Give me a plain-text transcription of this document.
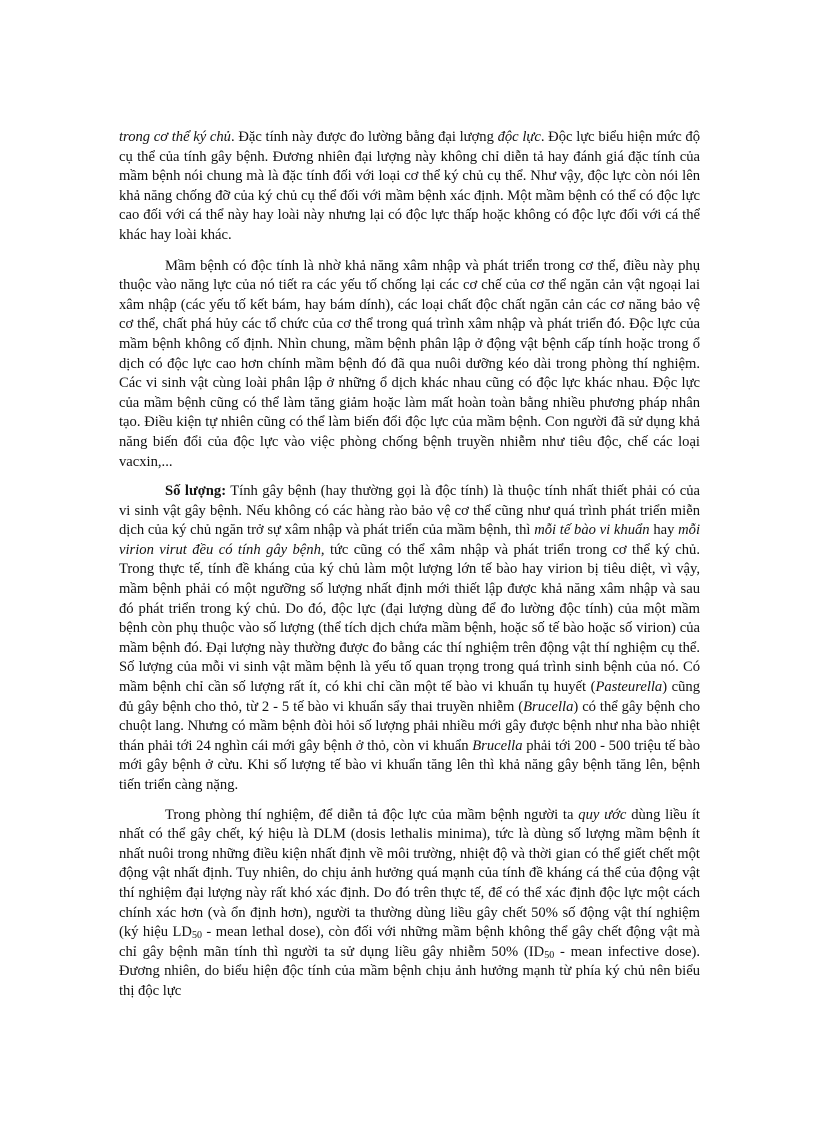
trong cơ thể ký chủ. Đặc tính này được đo lường bằng đại lượng độc lực. Độc lực biểu hiện mức độ cụ thể của tính gây bệnh. Đương nhiên đại lượng này không chỉ diễn tả hay đánh giá đặc tính của mầm bệnh nói chung mà là đặc tính đối với loại cơ thể ký chủ cụ thể. Như vậy, độc lực còn nói lên khả năng chống đỡ của ký chủ cụ thể đối với mầm bệnh xác định. Một mầm bệnh có thể có độc lực cao đối với cá thể này hay loài này nhưng lại có độc lực thấp hoặc không có độc lực đối với cá thể khác hay loài khác.

Mầm bệnh có độc tính là nhờ khả năng xâm nhập và phát triển trong cơ thể, điều này phụ thuộc vào năng lực của nó tiết ra các yếu tố chống lại các cơ chế của cơ thể ngăn cản vật ngoại lai xâm nhập (các yếu tố kết bám, hay bám dính), các loại chất độc chất ngăn cản các cơ năng bảo vệ cơ thể, chất phá hủy các tổ chức của cơ thể trong quá trình xâm nhập và phát triển đó. Độc lực của mầm bệnh không cố định. Nhìn chung, mầm bệnh phân lập ở động vật bệnh cấp tính hoặc trong ổ dịch có độc lực cao hơn chính mầm bệnh đó đã qua nuôi dưỡng kéo dài trong phòng thí nghiệm. Các vi sinh vật cùng loài phân lập ở những ổ dịch khác nhau cũng có độc lực khác nhau. Độc lực của mầm bệnh cũng có thể làm tăng giảm hoặc làm mất hoàn toàn bằng nhiều phương pháp nhân tạo. Điều kiện tự nhiên cũng có thể làm biến đổi độc lực của mầm bệnh. Con người đã sử dụng khả năng biến đổi của độc lực vào việc phòng chống bệnh truyền nhiễm như tiêu độc, chế các loại vacxin,...

Số lượng: Tính gây bệnh (hay thường gọi là độc tính) là thuộc tính nhất thiết phải có của vi sinh vật gây bệnh. Nếu không có các hàng rào bảo vệ cơ thể cũng như quá trình phát triển miễn dịch của ký chủ ngăn trở sự xâm nhập và phát triển của mầm bệnh, thì mỗi tế bào vi khuẩn hay mỗi virion virut đều có tính gây bệnh, tức cũng có thể xâm nhập và phát triển trong cơ thể ký chủ. Trong thực tế, tính đề kháng của ký chủ làm một lượng lớn tế bào hay virion bị tiêu diệt, vì vậy, mầm bệnh phải có một ngưỡng số lượng nhất định mới thiết lập được khả năng xâm nhập và sau đó phát triển trong ký chủ. Do đó, độc lực (đại lượng dùng để đo lường độc tính) của một mầm bệnh còn phụ thuộc vào số lượng (thể tích dịch chứa mầm bệnh, hoặc số tế bào hoặc số virion) của mầm bệnh đó. Đại lượng này thường được đo bằng các thí nghiệm trên động vật thí nghiệm cụ thể. Số lượng của mỗi vi sinh vật mầm bệnh là yếu tố quan trọng trong quá trình sinh bệnh của nó. Có mầm bệnh chỉ cần số lượng rất ít, có khi chỉ cần một tế bào vi khuẩn tụ huyết (Pasteurella) cũng đủ gây bệnh cho thỏ, từ 2 - 5 tế bào vi khuẩn sẩy thai truyền nhiễm (Brucella) có thể gây bệnh cho chuột lang. Nhưng có mầm bệnh đòi hỏi số lượng phải nhiều mới gây được bệnh như nha bào nhiệt thán phải tới 24 nghìn cái mới gây bệnh ở thỏ, còn vi khuẩn Brucella phải tới 200 - 500 triệu tế bào mới gây bệnh ở cừu. Khi số lượng tế bào vi khuẩn tăng lên thì khả năng gây bệnh tăng lên, bệnh tiến triển càng nặng.

Trong phòng thí nghiệm, để diễn tả độc lực của mầm bệnh người ta quy ước dùng liều ít nhất có thể gây chết, ký hiệu là DLM (dosis lethalis minima), tức là dùng số lượng mầm bệnh ít nhất nuôi trong những điều kiện nhất định về môi trường, nhiệt độ và thời gian có thể giết chết một động vật nhất định. Tuy nhiên, do chịu ảnh hưởng quá mạnh của tính đề kháng cá thể của động vật thí nghiệm đại lượng này rất khó xác định. Do đó trên thực tế, để có thể xác định độc lực một cách chính xác hơn (và ổn định hơn), người ta thường dùng liều gây chết 50% số động vật thí nghiệm (ký hiệu $LD_{50}$ - mean lethal dose), còn đối với những mầm bệnh không thể gây chết động vật mà chỉ gây bệnh mãn tính thì người ta sử dụng liều gây nhiễm 50% ($ID_{50}$ - mean infective dose). Đương nhiên, do biểu hiện độc tính của mầm bệnh chịu ảnh hưởng mạnh từ phía ký chủ nên biểu thị độc lực
